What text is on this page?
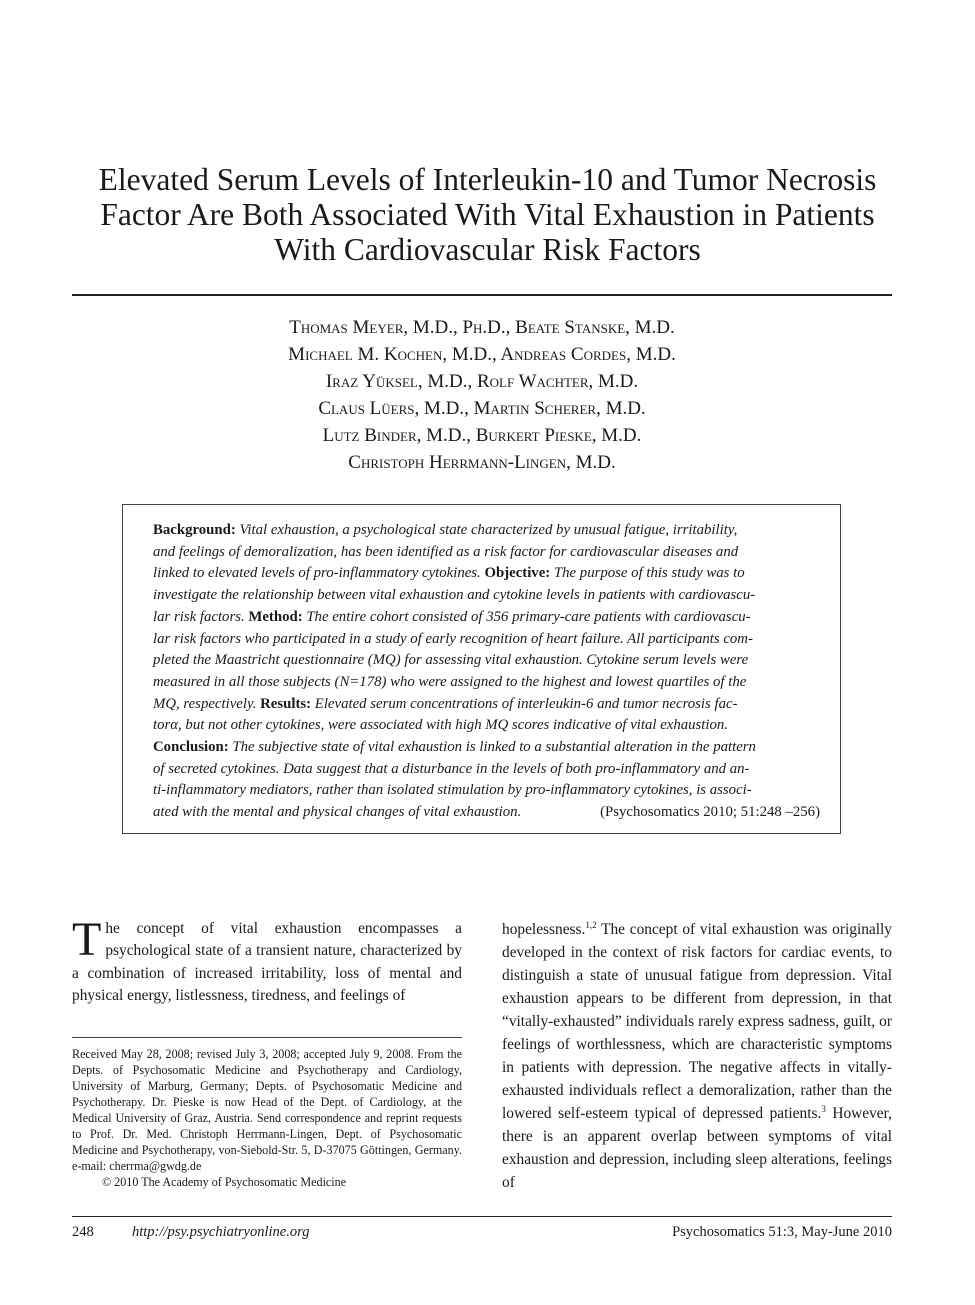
Elevated Serum Levels of Interleukin-10 and Tumor Necrosis
Factor Are Both Associated With Vital Exhaustion in Patients
With Cardiovascular Risk Factors
Thomas Meyer, M.D., Ph.D., Beate Stanske, M.D.
Michael M. Kochen, M.D., Andreas Cordes, M.D.
Iraz Yüksel, M.D., Rolf Wachter, M.D.
Claus Lüers, M.D., Martin Scherer, M.D.
Lutz Binder, M.D., Burkert Pieske, M.D.
Christoph Herrmann-Lingen, M.D.
Background: Vital exhaustion, a psychological state characterized by unusual fatigue, irritability,
and feelings of demoralization, has been identified as a risk factor for cardiovascular diseases and
linked to elevated levels of pro-inflammatory cytokines. Objective: The purpose of this study was to
investigate the relationship between vital exhaustion and cytokine levels in patients with cardiovascu-
lar risk factors. Method: The entire cohort consisted of 356 primary-care patients with cardiovascu-
lar risk factors who participated in a study of early recognition of heart failure. All participants com-
pleted the Maastricht questionnaire (MQ) for assessing vital exhaustion. Cytokine serum levels were
measured in all those subjects (N=178) who were assigned to the highest and lowest quartiles of the
MQ, respectively. Results: Elevated serum concentrations of interleukin-6 and tumor necrosis fac-
torα, but not other cytokines, were associated with high MQ scores indicative of vital exhaustion.
Conclusion: The subjective state of vital exhaustion is linked to a substantial alteration in the pattern
of secreted cytokines. Data suggest that a disturbance in the levels of both pro-inflammatory and an-
ti-inflammatory mediators, rather than isolated stimulation by pro-inflammatory cytokines, is associ-
ated with the mental and physical changes of vital exhaustion.	(Psychosomatics 2010; 51:248 –256)

The concept of vital exhaustion encompasses a psychological state of a transient nature, characterized by a combination of increased irritability, loss of mental and physical energy, listlessness, tiredness, and feelings of

Received May 28, 2008; revised July 3, 2008; accepted July 9, 2008. From the Depts. of Psychosomatic Medicine and Psychotherapy and Cardiology, University of Marburg, Germany; Depts. of Psychosomatic Medicine and Psychotherapy. Dr. Pieske is now Head of the Dept. of Cardiology, at the Medical University of Graz, Austria. Send correspondence and reprint requests to Prof. Dr. Med. Christoph Herrmann-Lingen, Dept. of Psychosomatic Medicine and Psychotherapy, von-Siebold-Str. 5, D-37075 Göttingen, Germany. e-mail: cherrma@gwdg.de

© 2010 The Academy of Psychosomatic Medicine

hopelessness.$^{1,2}$ The concept of vital exhaustion was originally developed in the context of risk factors for cardiac events, to distinguish a state of unusual fatigue from depression. Vital exhaustion appears to be different from depression, in that “vitally-exhausted” individuals rarely express sadness, guilt, or feelings of worthlessness, which are characteristic symptoms in patients with depression. The negative affects in vitally-exhausted individuals reflect a demoralization, rather than the lowered self-esteem typical of depressed patients.$^3$ However, there is an apparent overlap between symptoms of vital exhaustion and depression, including sleep alterations, feelings of

248	http://psy.psychiatryonline.org	Psychosomatics 51:3, May-June 2010
